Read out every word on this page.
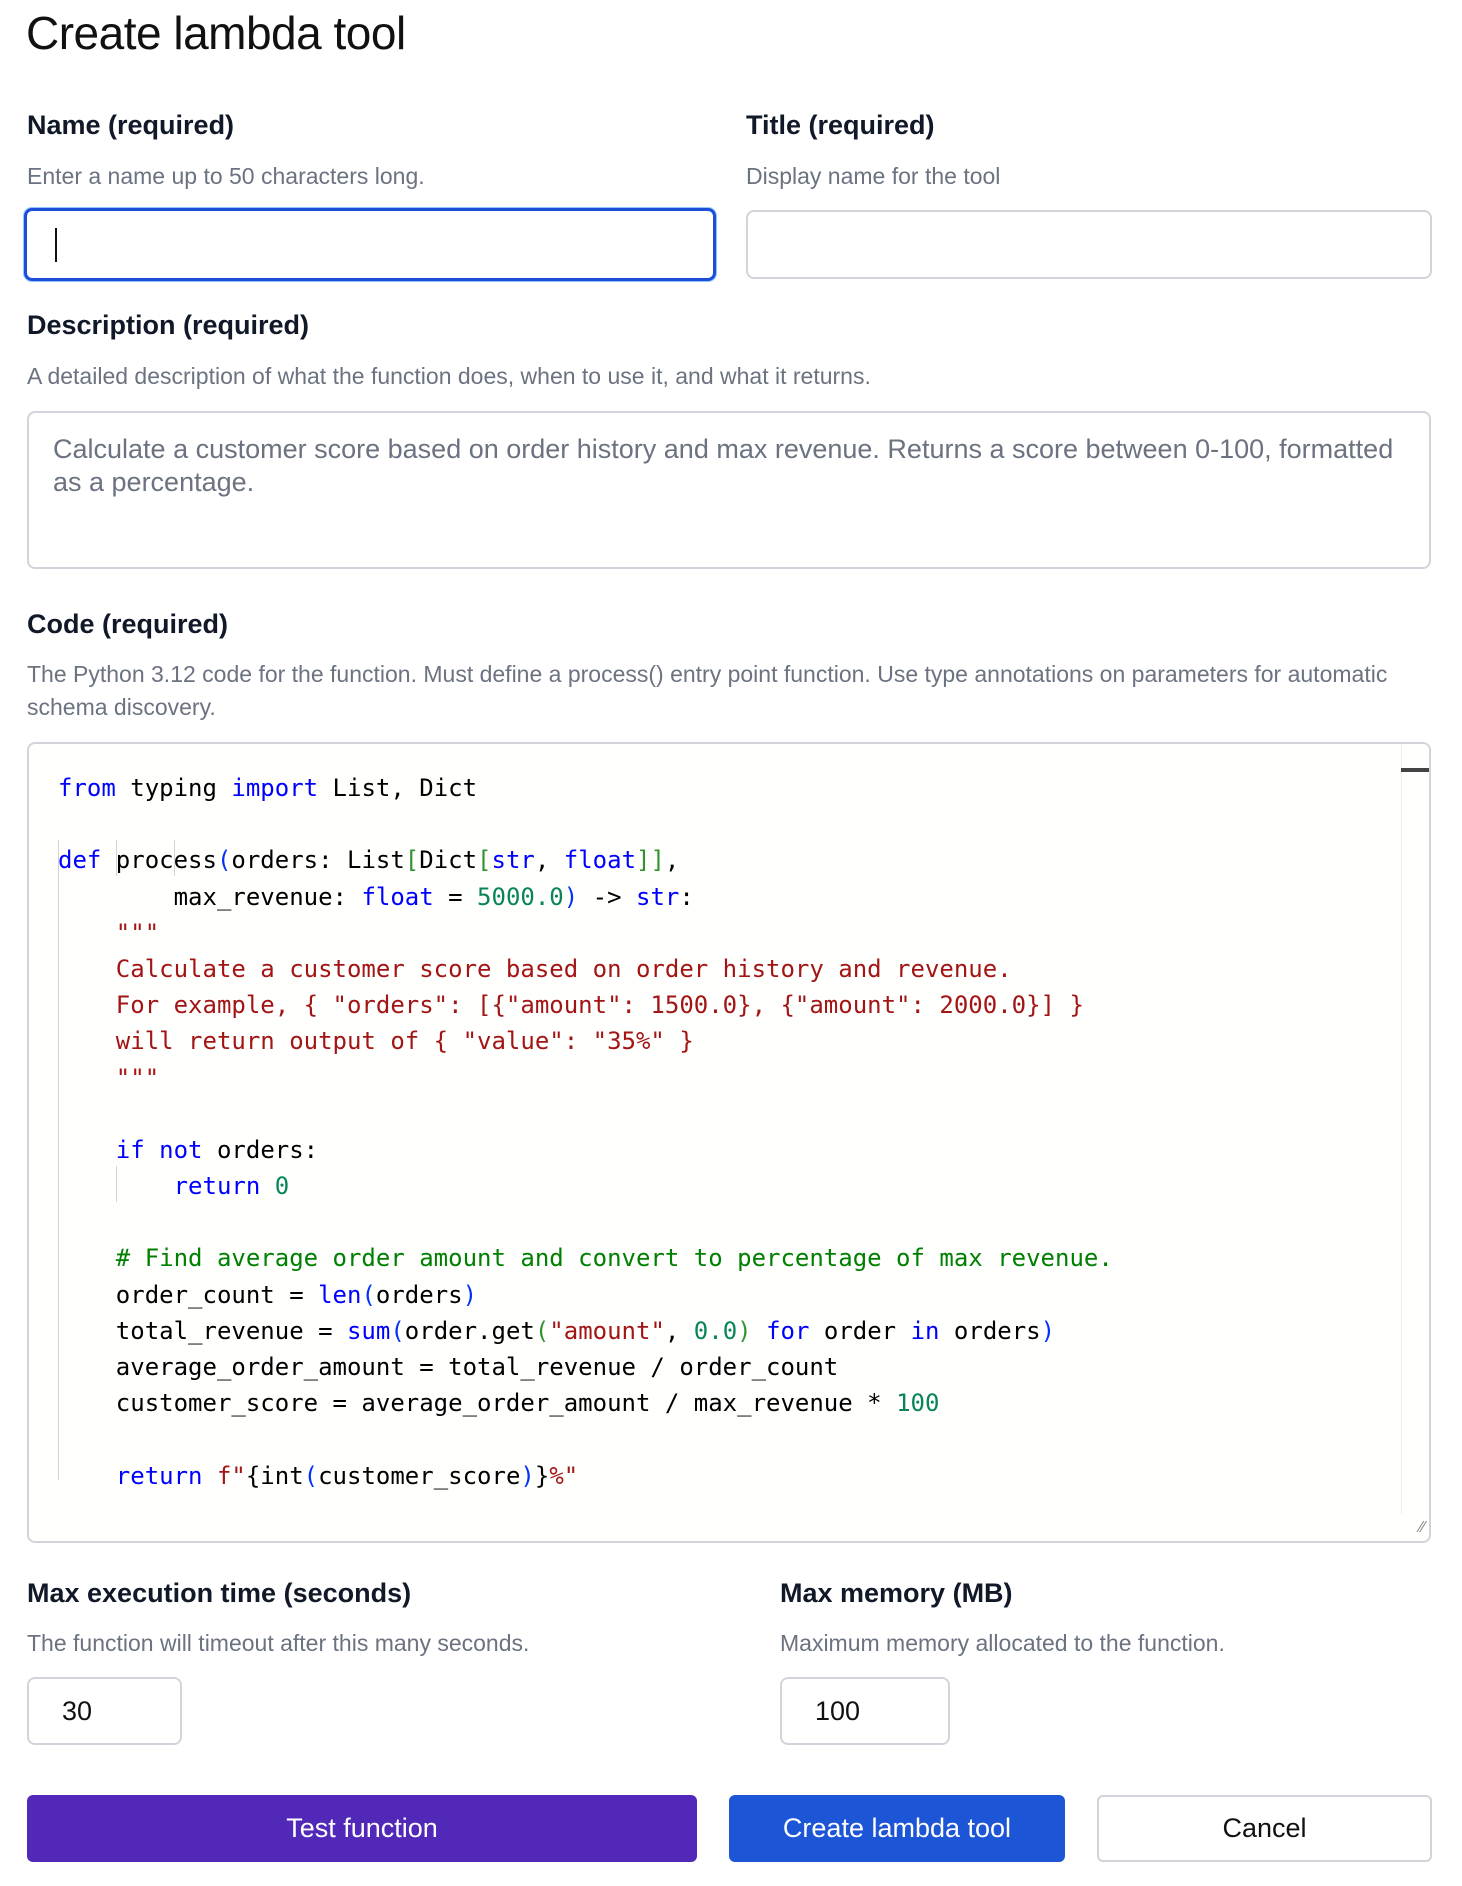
Create lambda tool
Name (required)
Enter a name up to 50 characters long.
Title (required)
Display name for the tool
Description (required)
A detailed description of what the function does, when to use it, and what it returns.
Calculate a customer score based on order history and max revenue. Returns a score between 0-100, formatted as a percentage.
Code (required)
The Python 3.12 code for the function. Must define a process() entry point function. Use type annotations on parameters for automatic schema discovery.
from typing import List, Dict
def process(orders: List[Dict[str, float]],
max_revenue: float = 5000.0) -> str:
"""
Calculate a customer score based on order history and revenue.
For example, { "orders": [{"amount": 1500.0}, {"amount": 2000.0}] }
will return output of { "value": "35%" }
"""
if not orders:
return 0
# Find average order amount and convert to percentage of max revenue.
order_count = len(orders)
total_revenue = sum(order.get("amount", 0.0) for order in orders)
average_order_amount = total_revenue / order_count
customer_score = average_order_amount / max_revenue * 100
return f"{int(customer_score)}%"
⁄⁄
Max execution time (seconds)
The function will timeout after this many seconds.
30
Max memory (MB)
Maximum memory allocated to the function.
100
Test function	Create lambda tool	Cancel
